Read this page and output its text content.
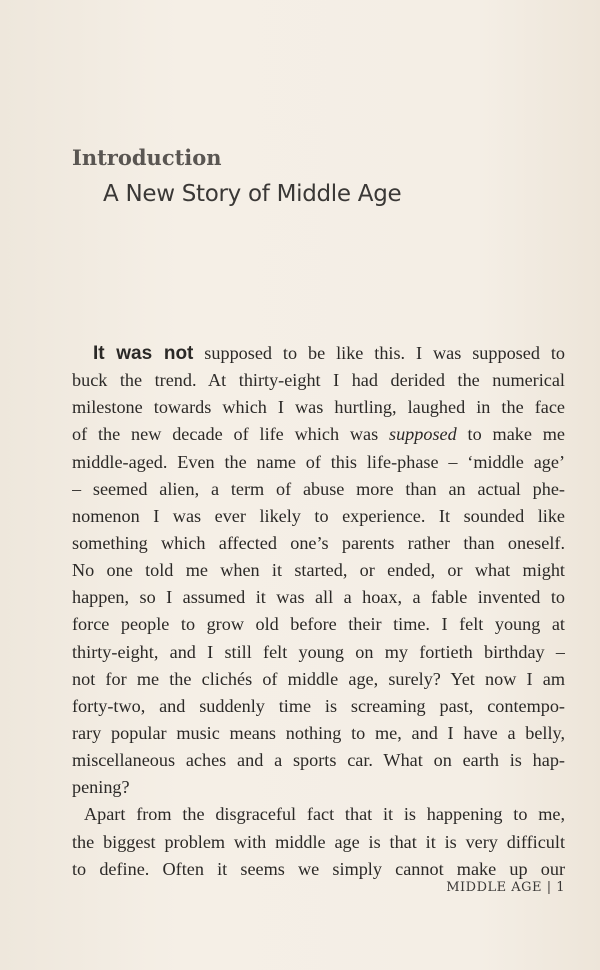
Introduction
A New Story of Middle Age
It was not supposed to be like this. I was supposed to
buck the trend. At thirty-eight I had derided the numerical
milestone towards which I was hurtling, laughed in the face
of the new decade of life which was supposed to make me
middle-aged. Even the name of this life-phase – ‘middle age’
– seemed alien, a term of abuse more than an actual phe-
nomenon I was ever likely to experience. It sounded like
something which affected one’s parents rather than oneself.
No one told me when it started, or ended, or what might
happen, so I assumed it was all a hoax, a fable invented to
force people to grow old before their time. I felt young at
thirty-eight, and I still felt young on my fortieth birthday –
not for me the clichés of middle age, surely? Yet now I am
forty-two, and suddenly time is screaming past, contempo-
rary popular music means nothing to me, and I have a belly,
miscellaneous aches and a sports car. What on earth is hap-
pening?
Apart from the disgraceful fact that it is happening to me,
the biggest problem with middle age is that it is very difficult
to define. Often it seems we simply cannot make up our
MIDDLE AGE | 1
